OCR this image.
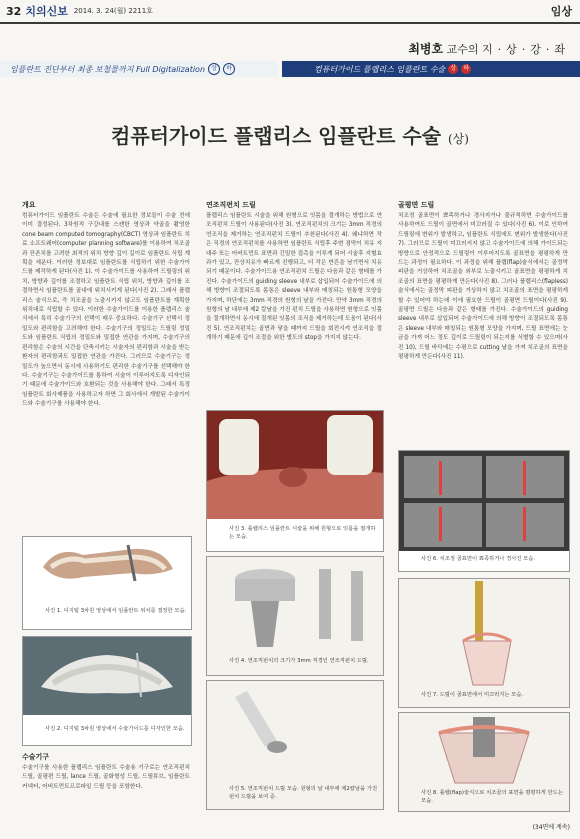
32 치의신보 2014. 3. 24(월) 2211호	임상
최병호 교수의 지·상·강·좌
임플란트 진단부터 최종 보철물까지 Full Digitalization	상	하	컴퓨터가이드 플랩리스 임플란트 수술 상	하
컴퓨터가이드 플랩리스 임플란트 수술 (상)
개요

컴퓨터가이드 임플란트 수술은 수술에 필요한 정보들이 수술 전에 이미 결정된다. 3차원적 구강내를 스캔한 영상과 약골을 촬영한 cone beam computed tomography(CBCT) 영상과 임플란트 치료 소프트웨어(computer planning software)를 이용하여 치조골과 잔존치를 고려한 최적의 위치 방향 깊이 길이로 임플란트 식립 계획을 세운다. 이러한 정보대로 임플란트를 식립하기 위한 수술가이드를 제작하게 된다(사진 1). 이 수술가이드를 사용하여 드릴링의 위치, 방향과 깊이를 조절하고 임플란트 식립 위치, 방향과 깊이를 조절하면서 임플란트를 골내에 위치시키게 된다(사진 2). 그래서 플랩리스 술식으로, 즉 치조골을 노출시키지 않고도 임플란트를 계획한 위치대로 식립할 수 있다. 이러한 수술가이드를 이용한 플랩리스 술식에서 특히 수술기구의 선택이 매우 중요하다. 수술기구 선택시 정밀도와 편리함을 고려해야 한다. 수술기구의 정밀도는 드릴링 정밀도와 임플란트 식립의 정밀도와 밀접한 연관을 가지며, 수술기구의 편리함은 수술의 시간을 단축시키는 시술자의 편리함과 시술을 받는 환자의 편리함과도 밀접한 연관을 가진다. 그러므로 수술기구는 정밀도가 높으면서 동시에 사용하기도 편리한 수술기구를 선택해야 한다. 수술기구는 수술가이드를 통하여 시술이 이루어지도록 디자인되기 때문에 수술가이드와 호환되는 것을 사용해야 한다. 그래서 특정 임플란트 회사제품을 사용하고자 하면 그 회사에서 개발된 수술가이드와 수술기구를 사용해야 한다.

사진 1. 디지털 3차원 영상에서 임플란트 위치를 결정한 모습.
사진 2. 디지털 3차원 영상에서 수술가이드를 디자인한 모습.
수술기구

수술기구를 사용한 플랩리스 임플란트 수술용 기구로는 연조직펀치 드릴, 골평편 드릴, lance 드릴, 골화형성 드릴, 드릴튜브, 임플란트커넥터, 어버트먼트프로파일 드릴 등을 포함한다.

연조직펀치 드릴

플랩리스 임플란트 시술을 위해 원형으로 잇몸을 절개하는 방법으로 연조직펀치 드릴이 사용된다(사진 3). 연조직펀치의 크기는 3mm 직경의 연조직을 제거하는 연조직펀치 드릴이 추천된다(사진 4). 왜냐하면 작은 직경의 연조직펀치를 사용하면 임플란트 식립후 주변 점막이 치유 지대주 또는 어버트먼트 표면과 긴밀한 접촉을 이루게 되어 시술후 지혈효과가 있고, 잔상치유가 빠르게 진행되고, 더 작은 반흔을 남기면서 치유되기 때문이다. 수술가이드용 연조직펀치 드릴은 다음과 같은 형태를 가진다. 수술가이드의 guiding sleeve 내부로 삽입되어 수술가이드에 의해 방향이 조절되도록 몸통은 sleeve 내부와 매칭되는 원통형 모양을 가지며, 하단에는 3mm 직경의 원형의 날을 가진다. 만약 3mm 직경의 원형의 날 내부에 제2 칼날을 가진 펀치 드릴을 사용하면 원형으로 잇몸을 절개하면서 동시에 절개된 잇몸의 조직을 제거하는데 도움이 된다(사진 5). 연조직펀치는 골면과 닿을 때까지 드릴을 회전시켜 연조직을 절개하기 때문에 깊이 조절을 위한 별도의 stop을 가지지 않는다.

사진 3. 플랩리스 임플란트 시술을 위해 원형으로 잇몸을 절개하는 모습.
사진 4. 연조직펀치의 크기가 3mm 직경인 연조직펀치 드릴.
사진 5. 연조직펀치 드릴 모습. 원형의 날 내부에 제2칼날을 가진 펀치 드릴을 보여 준.
골평면 드릴

치조정 골표면이 뾰족하거나 경사지거나 불규칙하면 수술가이드를 사용하여도 드릴이 골면에서 미끄러질 수 있다(사진 6). 이로 인하여 드릴링에 변위가 발생하고, 임플란트 식립에도 변위가 발생한다(사진 7). 그러므로 드릴이 미끄러지지 않고 수술가이드에 의해 가이드되는 방향으로 안정적으로 드릴링이 이루어지도록 골표면을 평평하게 만드는 과정이 필요하다. 이 과정을 위해 플랩(flap)술식에서는 골정막 피판을 거상하여 치조골을 외부로 노출시키고 골표면을 평평하게 치조골의 표면을 평평하게 만든다(사진 8). 그러나 플랩리스(flapless)술식에서는 골정막 피판을 거상하지 않고 치조골의 표면을 평평하게 할 수 있어야 하는데 이에 필요한 드릴이 골평면 드릴이다(사진 9). 골평면 드릴은 다음과 같은 형태를 가진다. 수술가이드의 guiding sleeve 내부로 삽입되어 수술가이드에 의해 방향이 조절되도록 몸통은 sleeve 내부와 매칭되는 원통형 모양을 가지며, 드릴 표면에는 눈금을 가져 어느 정도 깊이로 드릴링이 되는지를 식별할 수 있으며(사진 10), 드릴 바닥에는 수평으로 cutting 날을 가져 치조골의 표면을 평평하게 만든다(사진 11).

사진 6. 치조정 골표면이 뾰족하거나 경사진 모습.
사진 7. 드릴이 골표면에서 미끄러지는 모습.
사진 8. 플랩(flap)술식으로 치조골의 표면을 평평하게 만드는 모습.
(34면에 계속)
